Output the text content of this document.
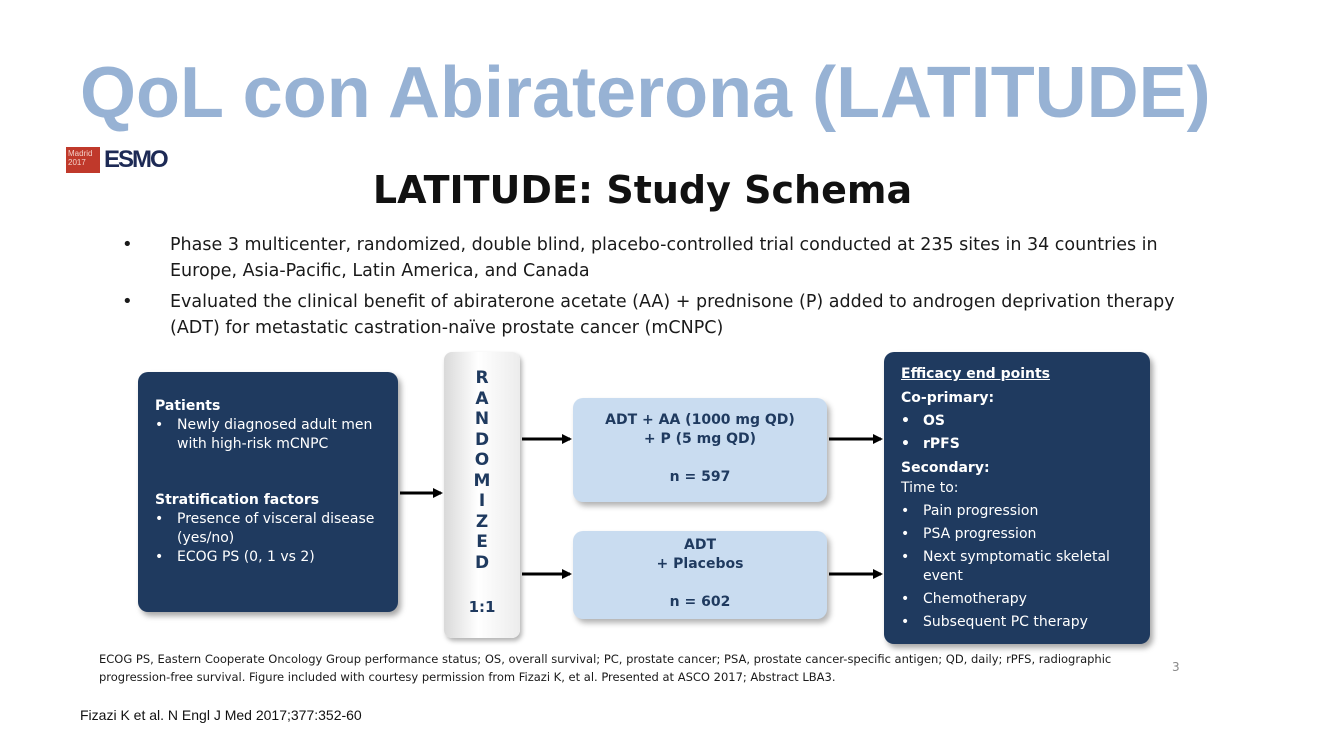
QoL con Abiraterona (LATITUDE)
Madrid 2017 ESMO
LATITUDE: Study Schema
•	Phase 3 multicenter, randomized, double blind, placebo-controlled trial conducted at 235 sites in 34 countries in Europe, Asia-Pacific, Latin America, and Canada
•	Evaluated the clinical benefit of abiraterone acetate (AA) + prednisone (P) added to androgen deprivation therapy (ADT) for metastatic castration-naïve prostate cancer (mCNPC)
Patients
• Newly diagnosed adult men with high-risk mCNPC
Stratification factors
• Presence of visceral disease (yes/no)
• ECOG PS (0, 1 vs 2)
R
A
N
D
O
M
I
Z
E
D
1:1
ADT + AA (1000 mg QD)
+ P (5 mg QD)
n = 597
ADT
+ Placebos
n = 602
Efficacy end points
Co-primary:
• OS
• rPFS
Secondary:
Time to:
• Pain progression
• PSA progression
• Next symptomatic skeletal event
• Chemotherapy
• Subsequent PC therapy
ECOG PS, Eastern Cooperate Oncology Group performance status; OS, overall survival; PC, prostate cancer; PSA, prostate cancer-specific antigen; QD, daily; rPFS, radiographic progression-free survival. Figure included with courtesy permission from Fizazi K, et al. Presented at ASCO 2017; Abstract LBA3.
3
Fizazi K et al. N Engl J Med 2017;377:352-60
